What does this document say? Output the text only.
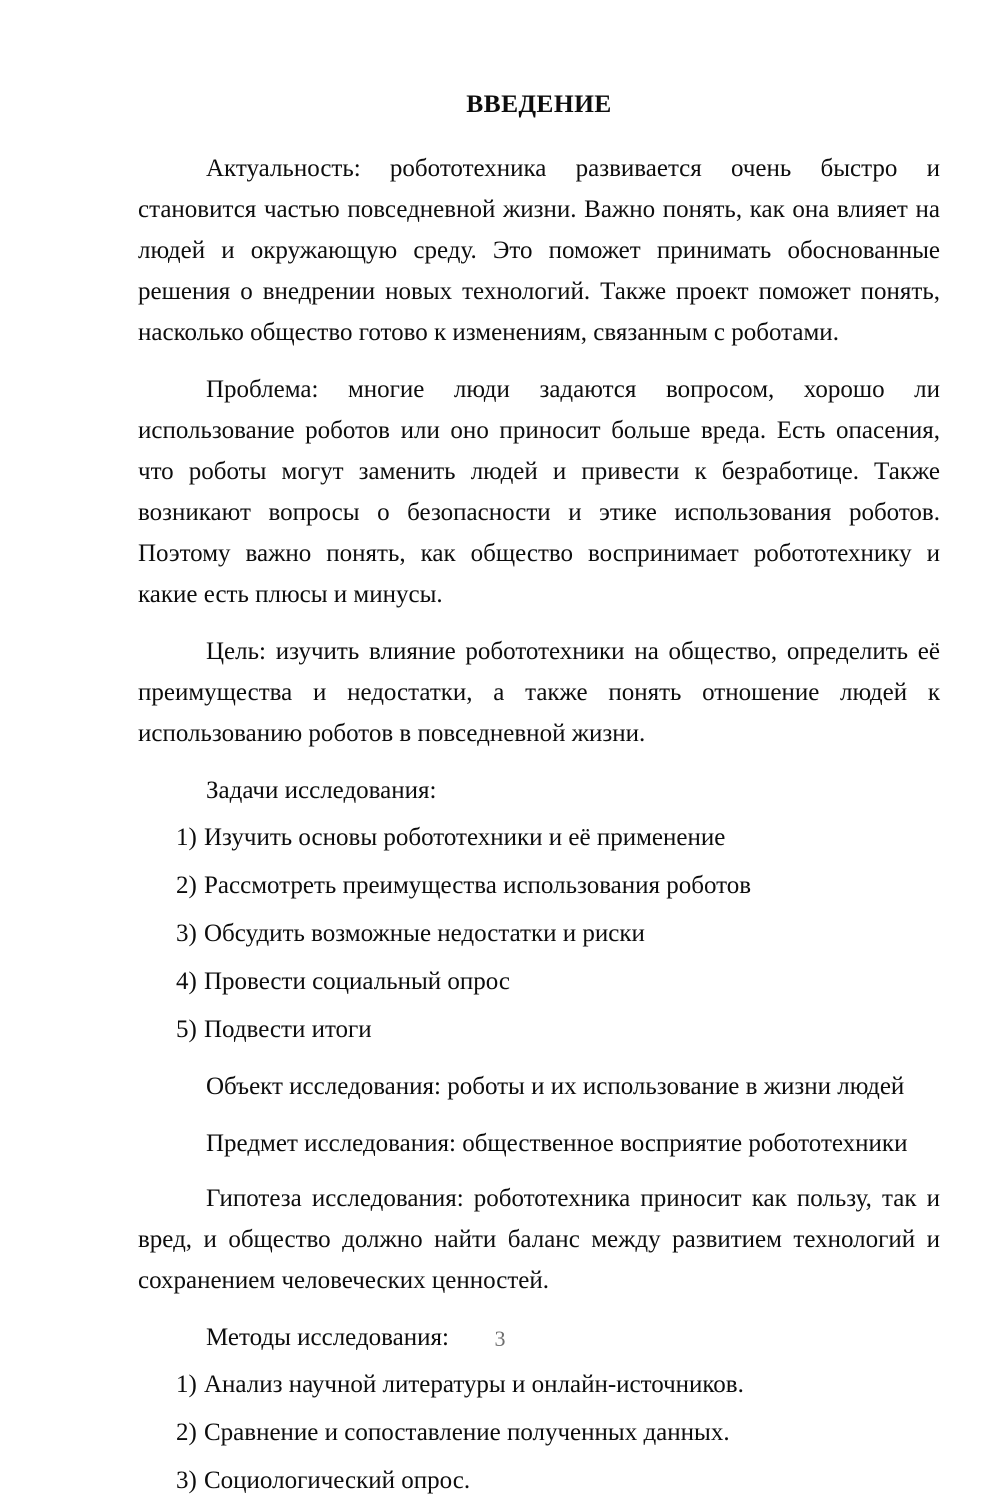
ВВЕДЕНИЕ

Актуальность: робототехника развивается очень быстро и становится частью повседневной жизни. Важно понять, как она влияет на людей и окружающую среду. Это поможет принимать обоснованные решения о внедрении новых технологий. Также проект поможет понять, насколько общество готово к изменениям, связанным с роботами.

Проблема: многие люди задаются вопросом, хорошо ли использование роботов или оно приносит больше вреда. Есть опасения, что роботы могут заменить людей и привести к безработице. Также возникают вопросы о безопасности и этике использования роботов. Поэтому важно понять, как общество воспринимает робототехнику и какие есть плюсы и минусы.

Цель: изучить влияние робототехники на общество, определить её преимущества и недостатки, а также понять отношение людей к использованию роботов в повседневной жизни.

Задачи исследования:

1) Изучить основы робототехники и её применение
2) Рассмотреть преимущества использования роботов
3) Обсудить возможные недостатки и риски
4) Провести социальный опрос
5) Подвести итоги

Объект исследования: роботы и их использование в жизни людей

Предмет исследования: общественное восприятие робототехники

Гипотеза исследования: робототехника приносит как пользу, так и вред, и общество должно найти баланс между развитием технологий и сохранением человеческих ценностей.

Методы исследования:

1) Анализ научной литературы и онлайн-источников.
2) Сравнение и сопоставление полученных данных.
3) Социологический опрос.
3
